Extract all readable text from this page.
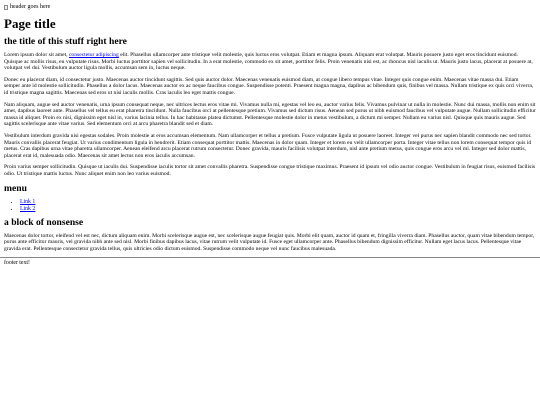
header goes here
Page title
the title of this stuff right here

Lorem ipsum dolor sit amet, consectetur adipiscing elit. Phasellus ullamcorper ante tristique velit molestie, quis luctus eros volutpat. Etiam et magna ipsum. Aliquam erat volutpat. Mauris posuere justo eget eros tincidunt euismod. Quisque ac mollis risus, eu vulputate risus. Morbi luctus porttitor sapien vel sollicitudin. In a erat molestie, commodo ex sit amet, porttitor felis. Proin venenatis nisi est, ac rhoncus nisl iaculis ut. Mauris justo lacus, placerat at posuere at, volutpat vel dui. Vestibulum auctor ligula mollis, accumsan sem in, luctus neque.

Donec eu placerat diam, id consectetur justo. Maecenas auctor tincidunt sagittis. Sed quis auctor dolor. Maecenas venenatis euismod diam, at congue libero tempus vitae. Integer quis congue enim. Maecenas vitae massa dui. Etiam semper ante id molestie sollicitudin. Phasellus a dolor lacus. Maecenas auctor ex ac neque faucibus congue. Suspendisse potenti. Praesent magna magna, dapibus ac bibendum quis, finibus vel massa. Nullam tristique ex quis orci viverra, id tristique magna sagittis. Maecenas sed eros ut nisi iaculis mollis. Cras iaculis leo eget mattis congue.

Nam aliquam, augue sed auctor venenatis, urna ipsum consequat neque, nec ultrices lectus eros vitae mi. Vivamus nulla mi, egestas vel leo eu, auctor varius felis. Vivamus pulvinar ut nulla in molestie. Nunc dui massa, mollis non enim sit amet, dapibus laoreet ante. Phasellus vel tellus eu erat pharetra tincidunt. Nulla faucibus orci at pellentesque pretium. Vivamus sed dictum risus. Aenean sed purus ut nibh euismod faucibus vel vulputate augue. Nullam sollicitudin efficitur massa id aliquet. Proin ex nisi, dignissim eget nisl in, varius lacinia tellus. In hac habitasse platea dictumst. Pellentesque molestie dolor in metus vestibulum, a dictum mi semper. Nullam eu varius nisl. Quisque quis mauris augue. Sed sagittis scelerisque ante vitae varius. Sed elementum orci at arcu pharetra blandit sed et diam.

Vestibulum interdum gravida nisi egestas sodales. Proin molestie at eros accumsan elementum. Nam ullamcorper et tellus a pretium. Fusce vulputate ligula ut posuere laoreet. Integer vel purus nec sapien blandit commodo nec sed tortor. Mauris convallis placerat feugiat. Ut varius condimentum ligula in hendrerit. Etiam consequat porttitor mattis. Maecenas in dolor quam. Integer et lorem eu velit ullamcorper porta. Integer vitae tellus non lorem consequat tempor quis id metus. Cras dapibus urna vitae pharetra ullamcorper. Aenean eleifend arcu placerat rutrum consectetur. Donec gravida, mauris facilisis volutpat interdum, nisl ante pretium metus, quis congue eros arcu vel mi. Integer sed dolor mattis, placerat erat id, malesuada odio. Maecenas sit amet lectus non eros iaculis accumsan.

Proin varius semper sollicitudin. Quisque ut iaculis dui. Suspendisse iaculis tortor sit amet convallis pharetra. Suspendisse congue tristique maximus. Praesent id ipsum vel odio auctor congue. Vestibulum in feugiat risus, euismod facilisis odio. Ut tristique mattis luctus. Nunc aliquet enim non leo varius euismod.

menu
• Link 1
• Link 2
a block of nonsense

Maecenas dolor tortor, eleifend vel est nec, dictum aliquam enim. Morbi scelerisque augue est, nec scelerisque augue feugiat quis. Morbi elit quam, auctor id quam et, fringilla viverra diam. Phasellus auctor, quam vitae bibendum tempor, purus ante efficitur mauris, vel gravida nibh ante sed nisl. Morbi finibus dapibus lacus, vitae rutrum velit vulputate id. Fusce eget ullamcorper ante. Phasellus bibendum dignissim efficitur. Nullam eget lacus lacus. Pellentesque vitae gravida erat. Pellentesque consectetur gravida tellus, quis ultricies odio dictum euismod. Suspendisse commodo neque vel nunc faucibus malesuada.

footer text!
